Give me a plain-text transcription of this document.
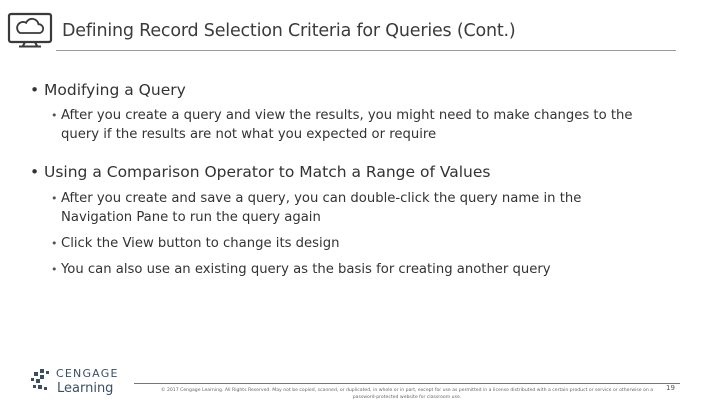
Defining Record Selection Criteria for Queries (Cont.)
• Modifying a Query
• After you create a query and view the results, you might need to make changes to the
query if the results are not what you expected or require
• Using a Comparison Operator to Match a Range of Values
• After you create and save a query, you can double-click the query name in the
Navigation Pane to run the query again
• Click the View button to change its design
• You can also use an existing query as the basis for creating another query
CENGAGE
Learning	© 2017 Cengage Learning. All Rights Reserved. May not be copied, scanned, or duplicated, in whole or in part, except for use as permitted in a license distributed with a certain product or service or otherwise on a
password-protected website for classroom use.
19
